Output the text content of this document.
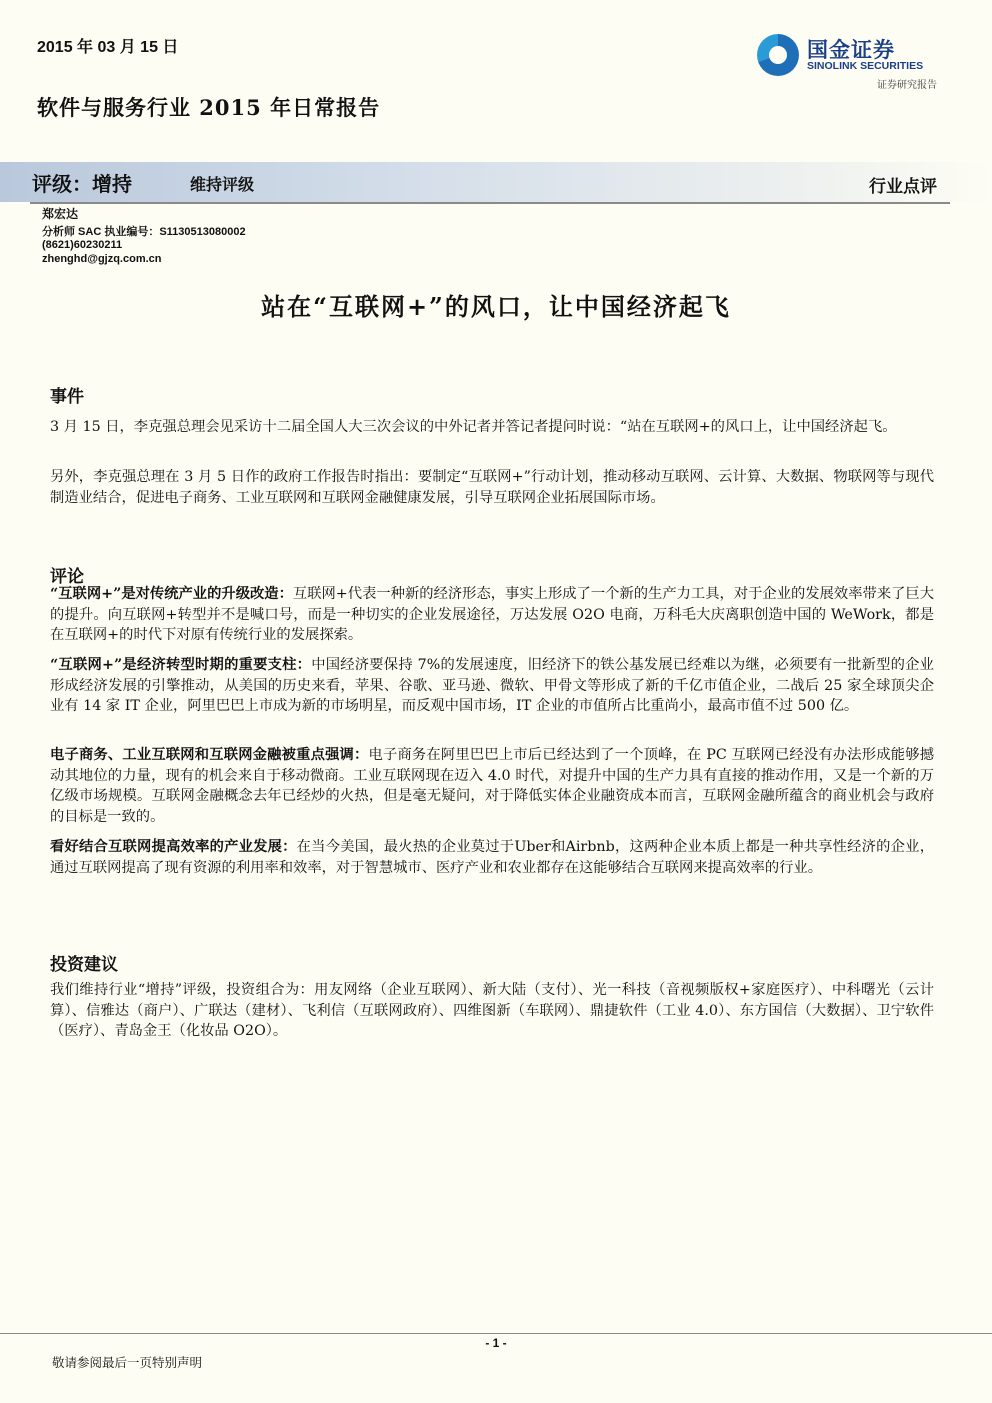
2015 年 03 月 15 日
软件与服务行业 2015 年日常报告
国金证券
SINOLINK SECURITIES
证券研究报告
评级：增持	维持评级	行业点评
郑宏达
分析师 SAC 执业编号：S1130513080002
(8621)60230211
zhenghd@gjzq.com.cn
站在“互联网+”的风口，让中国经济起飞
事件
3 月 15 日，李克强总理会见采访十二届全国人大三次会议的中外记者并答记者提问时说：“站在互联网+的风口上，让中国经济起飞。
另外，李克强总理在 3 月 5 日作的政府工作报告时指出：要制定“互联网+”行动计划，推动移动互联网、云计算、大数据、物联网等与现代制造业结合，促进电子商务、工业互联网和互联网金融健康发展，引导互联网企业拓展国际市场。
评论
“互联网+”是对传统产业的升级改造：互联网+代表一种新的经济形态，事实上形成了一个新的生产力工具，对于企业的发展效率带来了巨大的提升。向互联网+转型并不是喊口号，而是一种切实的企业发展途径，万达发展 O2O 电商，万科毛大庆离职创造中国的 WeWork，都是在互联网+的时代下对原有传统行业的发展探索。
“互联网+”是经济转型时期的重要支柱：中国经济要保持 7%的发展速度，旧经济下的铁公基发展已经难以为继，必须要有一批新型的企业形成经济发展的引擎推动，从美国的历史来看，苹果、谷歌、亚马逊、微软、甲骨文等形成了新的千亿市值企业，二战后 25 家全球顶尖企业有 14 家 IT 企业，阿里巴巴上市成为新的市场明星，而反观中国市场，IT 企业的市值所占比重尚小，最高市值不过 500 亿。
电子商务、工业互联网和互联网金融被重点强调：电子商务在阿里巴巴上市后已经达到了一个顶峰，在 PC 互联网已经没有办法形成能够撼动其地位的力量，现有的机会来自于移动微商。工业互联网现在迈入 4.0 时代，对提升中国的生产力具有直接的推动作用，又是一个新的万亿级市场规模。互联网金融概念去年已经炒的火热，但是毫无疑问，对于降低实体企业融资成本而言，互联网金融所蕴含的商业机会与政府的目标是一致的。
看好结合互联网提高效率的产业发展：在当今美国，最火热的企业莫过于Uber和Airbnb，这两种企业本质上都是一种共享性经济的企业，通过互联网提高了现有资源的利用率和效率，对于智慧城市、医疗产业和农业都存在这能够结合互联网来提高效率的行业。
投资建议
我们维持行业“增持”评级，投资组合为：用友网络（企业互联网）、新大陆（支付）、光一科技（音视频版权+家庭医疗）、中科曙光（云计算）、信雅达（商户）、广联达（建材）、飞利信（互联网政府）、四维图新（车联网）、鼎捷软件（工业 4.0）、东方国信（大数据）、卫宁软件（医疗）、青岛金王（化妆品 O2O）。
- 1 -
敬请参阅最后一页特别声明
